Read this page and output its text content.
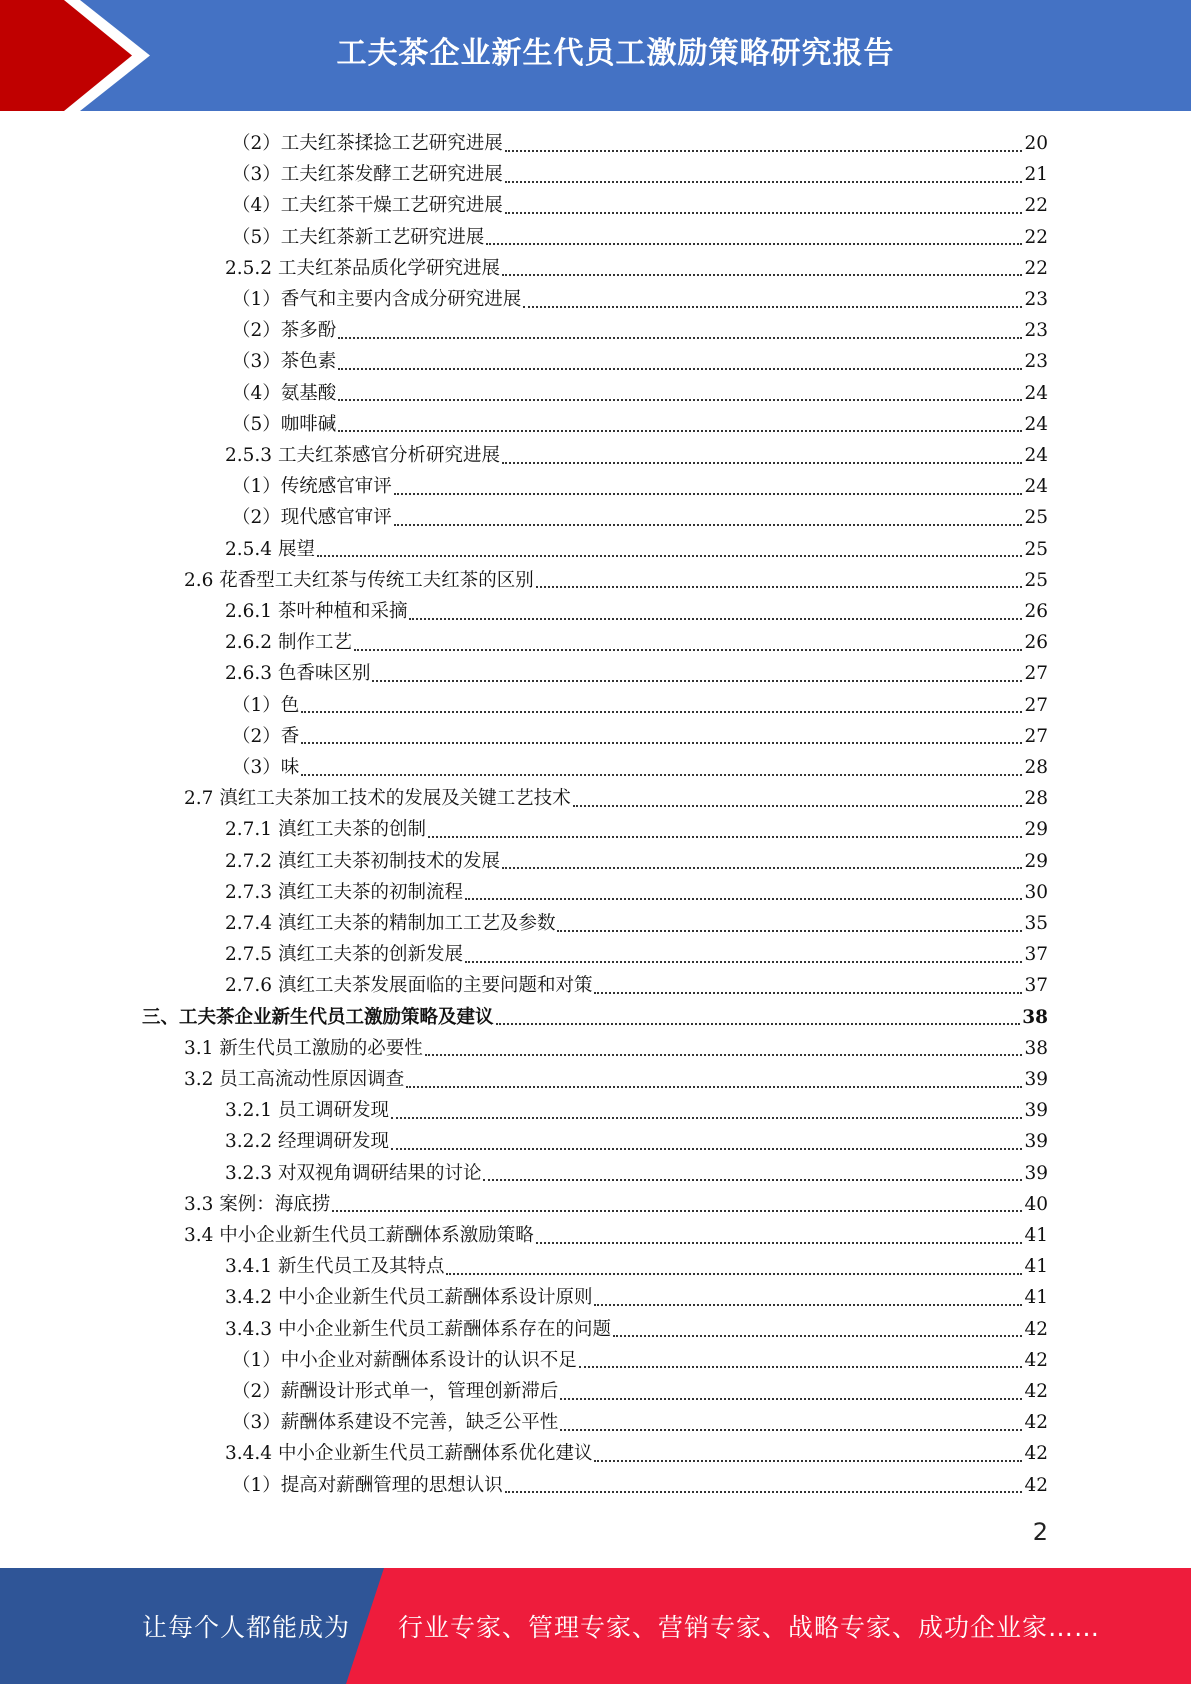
工夫茶企业新生代员工激励策略研究报告
（2）工夫红茶揉捻工艺研究进展	20
（3）工夫红茶发酵工艺研究进展	21
（4）工夫红茶干燥工艺研究进展	22
（5）工夫红茶新工艺研究进展	22
2.5.2 工夫红茶品质化学研究进展	22
（1）香气和主要内含成分研究进展	23
（2）茶多酚	23
（3）茶色素	23
（4）氨基酸	24
（5）咖啡碱	24
2.5.3 工夫红茶感官分析研究进展	24
（1）传统感官审评	24
（2）现代感官审评	25
2.5.4 展望	25
2.6 花香型工夫红茶与传统工夫红茶的区别	25
2.6.1 茶叶种植和采摘	26
2.6.2 制作工艺	26
2.6.3 色香味区别	27
（1）色	27
（2）香	27
（3）味	28
2.7 滇红工夫茶加工技术的发展及关键工艺技术	28
2.7.1 滇红工夫茶的创制	29
2.7.2 滇红工夫茶初制技术的发展	29
2.7.3 滇红工夫茶的初制流程	30
2.7.4 滇红工夫茶的精制加工工艺及参数	35
2.7.5 滇红工夫茶的创新发展	37
2.7.6 滇红工夫茶发展面临的主要问题和对策	37
三、工夫茶企业新生代员工激励策略及建议	38
3.1 新生代员工激励的必要性	38
3.2 员工高流动性原因调查	39
3.2.1 员工调研发现	39
3.2.2 经理调研发现	39
3.2.3 对双视角调研结果的讨论	39
3.3 案例：海底捞	40
3.4 中小企业新生代员工薪酬体系激励策略	41
3.4.1 新生代员工及其特点	41
3.4.2 中小企业新生代员工薪酬体系设计原则	41
3.4.3 中小企业新生代员工薪酬体系存在的问题	42
（1）中小企业对薪酬体系设计的认识不足	42
（2）薪酬设计形式单一，管理创新滞后	42
（3）薪酬体系建设不完善，缺乏公平性	42
3.4.4 中小企业新生代员工薪酬体系优化建议	42
（1）提高对薪酬管理的思想认识	42
2
让每个人都能成为 行业专家、管理专家、营销专家、战略专家、成功企业家……
